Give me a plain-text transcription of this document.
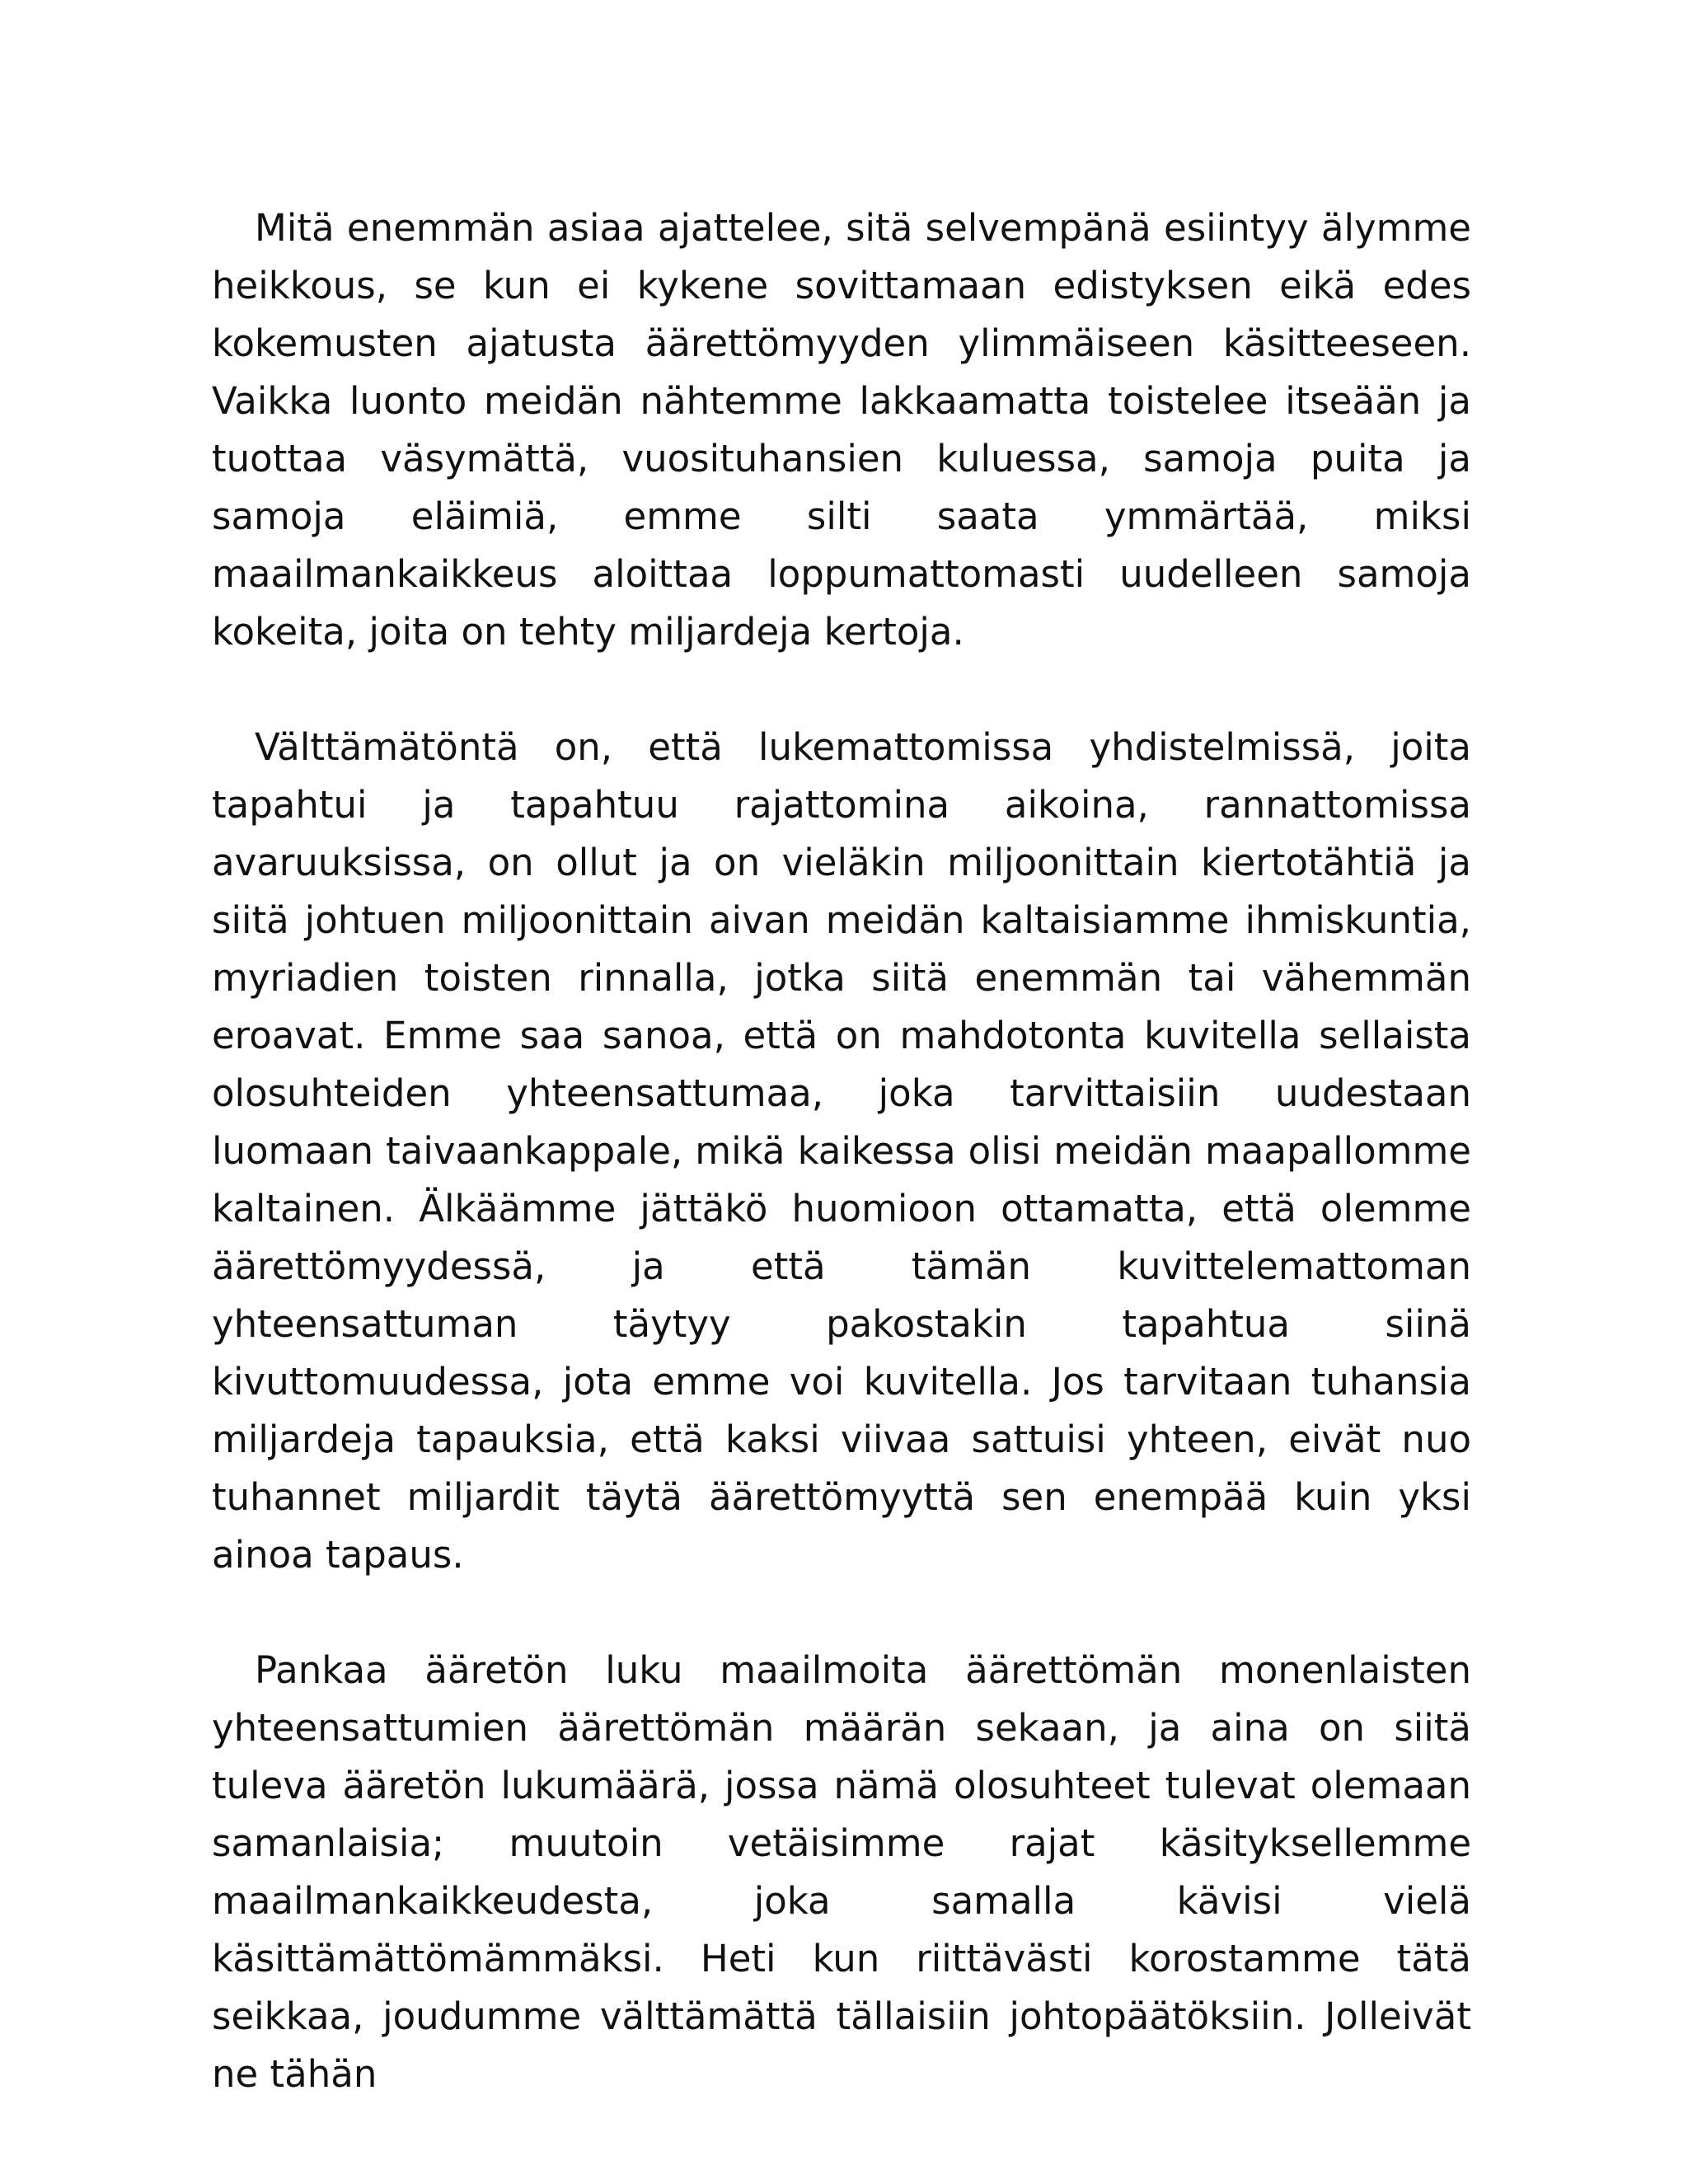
Mitä enemmän asiaa ajattelee, sitä selvempänä esiintyy älymme heikkous, se kun ei kykene sovittamaan edistyksen eikä edes kokemusten ajatusta äärettömyyden ylimmäiseen käsitteeseen. Vaikka luonto meidän nähtemme lakkaamatta toistelee itseään ja tuottaa väsymättä, vuosituhansien kuluessa, samoja puita ja samoja eläimiä, emme silti saata ymmärtää, miksi maailmankaikkeus aloittaa loppumattomasti uudelleen samoja kokeita, joita on tehty miljardeja kertoja.

Välttämätöntä on, että lukemattomissa yhdistelmissä, joita tapahtui ja tapahtuu rajattomina aikoina, rannattomissa avaruuksissa, on ollut ja on vieläkin miljoonittain kiertotähtiä ja siitä johtuen miljoonittain aivan meidän kaltaisiamme ihmiskuntia, myriadien toisten rinnalla, jotka siitä enemmän tai vähemmän eroavat. Emme saa sanoa, että on mahdotonta kuvitella sellaista olosuhteiden yhteensattumaa, joka tarvittaisiin uudestaan luomaan taivaankappale, mikä kaikessa olisi meidän maapallomme kaltainen. Älkäämme jättäkö huomioon ottamatta, että olemme äärettömyydessä, ja että tämän kuvittelemattoman yhteensattuman täytyy pakostakin tapahtua siinä kivuttomuudessa, jota emme voi kuvitella. Jos tarvitaan tuhansia miljardeja tapauksia, että kaksi viivaa sattuisi yhteen, eivät nuo tuhannet miljardit täytä äärettömyyttä sen enempää kuin yksi ainoa tapaus.

Pankaa ääretön luku maailmoita äärettömän monenlaisten yhteensattumien äärettömän määrän sekaan, ja aina on siitä tuleva ääretön lukumäärä, jossa nämä olosuhteet tulevat olemaan samanlaisia; muutoin vetäisimme rajat käsityksellemme maailmankaikkeudesta, joka samalla kävisi vielä käsittämättömämmäksi. Heti kun riittävästi korostamme tätä seikkaa, joudumme välttämättä tällaisiin johtopäätöksiin. Jolleivät ne tähän
